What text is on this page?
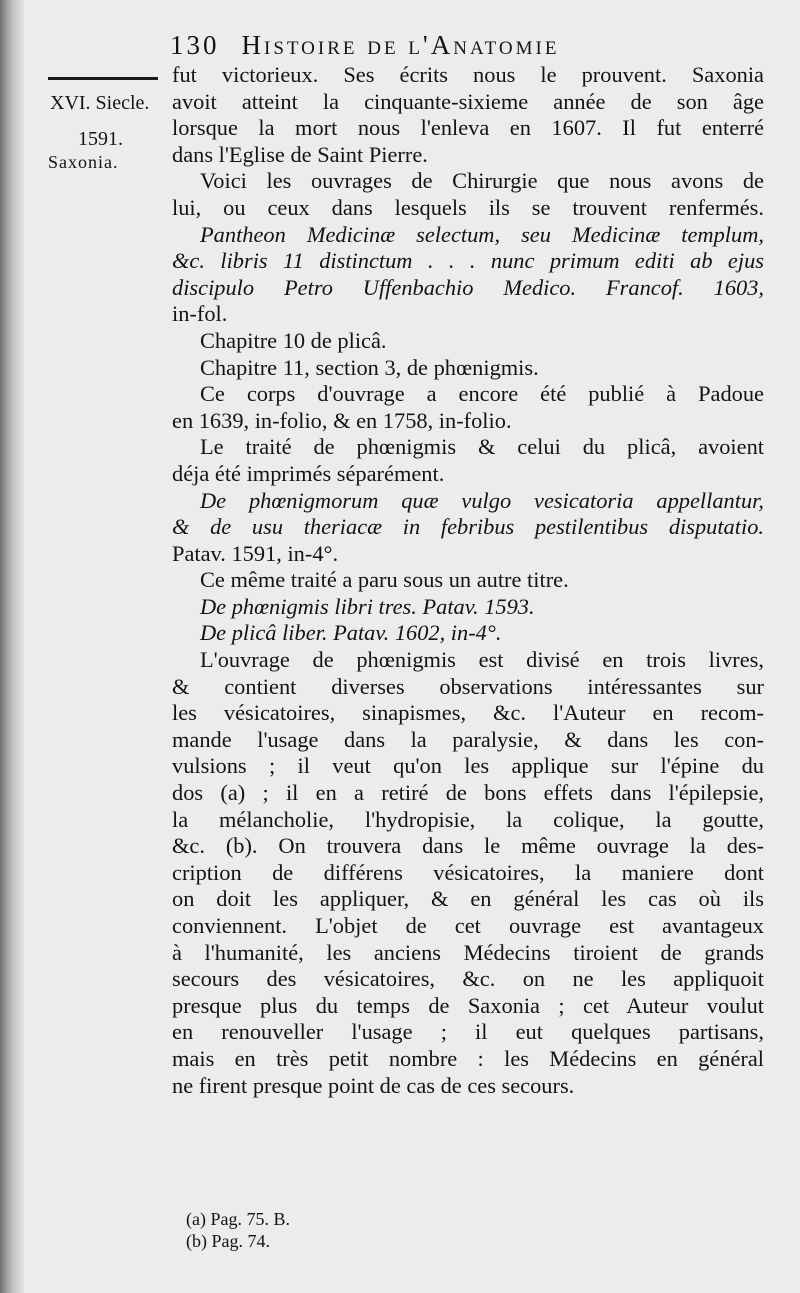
130 Histoire de l'Anatomie
XVI. Siecle.
1591.
Saxonia.
fut victorieux. Ses écrits nous le prouvent. Saxonia
avoit atteint la cinquante-sixieme année de son âge
lorsque la mort nous l'enleva en 1607. Il fut enterré
dans l'Eglise de Saint Pierre.
Voici les ouvrages de Chirurgie que nous avons de
lui, ou ceux dans lesquels ils se trouvent renfermés.
Pantheon Medicinæ selectum, seu Medicinæ templum,
&c. libris 11 distinctum . . . nunc primum editi ab ejus
discipulo Petro Uffenbachio Medico. Francof. 1603,
in-fol.
Chapitre 10 de plicâ.
Chapitre 11, section 3, de phœnigmis.
Ce corps d'ouvrage a encore été publié à Padoue
en 1639, in-folio, & en 1758, in-folio.
Le traité de phœnigmis & celui du plicâ, avoient
déja été imprimés séparément.
De phœnigmorum quæ vulgo vesicatoria appellantur,
& de usu theriacæ in febribus pestilentibus disputatio.
Patav. 1591, in-4°.
Ce même traité a paru sous un autre titre.
De phœnigmis libri tres. Patav. 1593.
De plicâ liber. Patav. 1602, in-4°.
L'ouvrage de phœnigmis est divisé en trois livres,
& contient diverses observations intéressantes sur
les vésicatoires, sinapismes, &c. l'Auteur en recom-
mande l'usage dans la paralysie, & dans les con-
vulsions ; il veut qu'on les applique sur l'épine du
dos (a) ; il en a retiré de bons effets dans l'épilepsie,
la mélancholie, l'hydropisie, la colique, la goutte,
&c. (b). On trouvera dans le même ouvrage la des-
cription de différens vésicatoires, la maniere dont
on doit les appliquer, & en général les cas où ils
conviennent. L'objet de cet ouvrage est avantageux
à l'humanité, les anciens Médecins tiroient de grands
secours des vésicatoires, &c. on ne les appliquoit
presque plus du temps de Saxonia ; cet Auteur voulut
en renouveller l'usage ; il eut quelques partisans,
mais en très petit nombre : les Médecins en général
ne firent presque point de cas de ces secours.
(a) Pag. 75. B.
(b) Pag. 74.
